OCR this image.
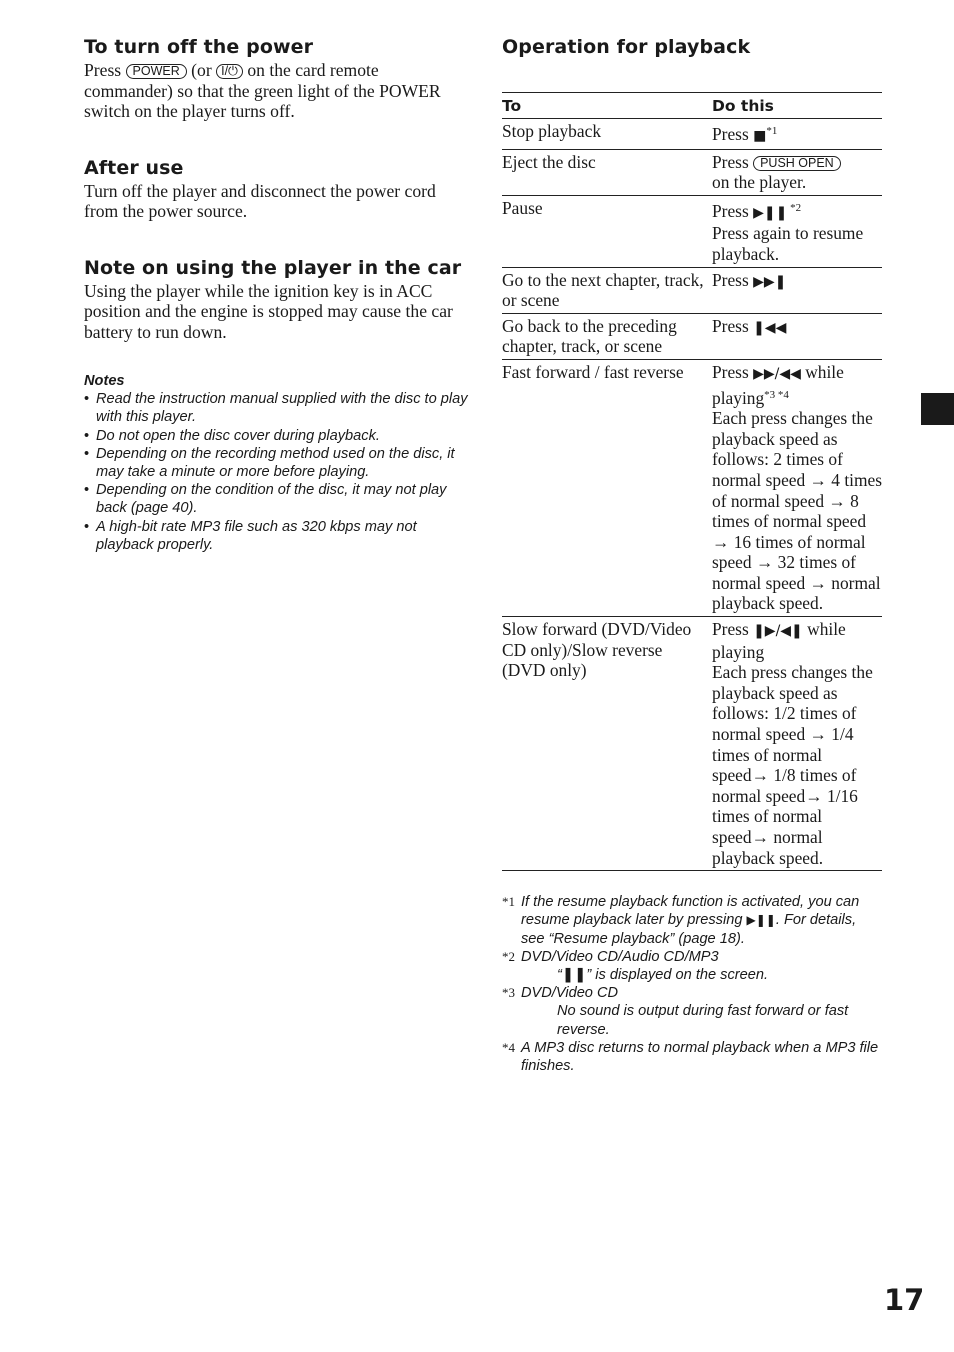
To turn off the power

Press POWER (or I/⏻ on the card remote commander) so that the green light of the POWER switch on the player turns off.

After use

Turn off the player and disconnect the power cord from the power source.

Note on using the player in the car

Using the player while the ignition key is in ACC position and the engine is stopped may cause the car battery to run down.

Notes
• Read the instruction manual supplied with the disc to play with this player.
• Do not open the disc cover during playback.
• Depending on the recording method used on the disc, it may take a minute or more before playing.
• Depending on the condition of the disc, it may not play back (page 40).
• A high-bit rate MP3 file such as 320 kbps may not playback properly.
Operation for playback
To	Do this
Stop playback	Press ■$^{*1}$
Eject the disc	Press PUSH OPEN
on the player.
Pause	Press ▶❚❚ $^{*2}$
Press again to resume playback.
Go to the next chapter, track, or scene	Press ▶▶❚
Go back to the preceding chapter, track, or scene	Press ❚◀◀
Fast forward / fast reverse	Press ▶▶/◀◀ while playing$^{*3 *4}$
Each press changes the playback speed as follows: 2 times of normal speed → 4 times of normal speed → 8 times of normal speed → 16 times of normal speed → 32 times of normal speed → normal playback speed.
Slow forward (DVD/Video CD only)/Slow reverse (DVD only)	Press ❚▶/◀❚ while playing
Each press changes the playback speed as follows: 1/2 times of normal speed → 1/4 times of normal speed→ 1/8 times of normal speed→ 1/16 times of normal speed→ normal playback speed.
*1 If the resume playback function is activated, you can resume playback later by pressing ▶❚❚. For details, see “Resume playback” (page 18).
*2 DVD/Video CD/Audio CD/MP3
“❚❚” is displayed on the screen.
*3 DVD/Video CD
No sound is output during fast forward or fast reverse.
*4 A MP3 disc returns to normal playback when a MP3 file finishes.
17
